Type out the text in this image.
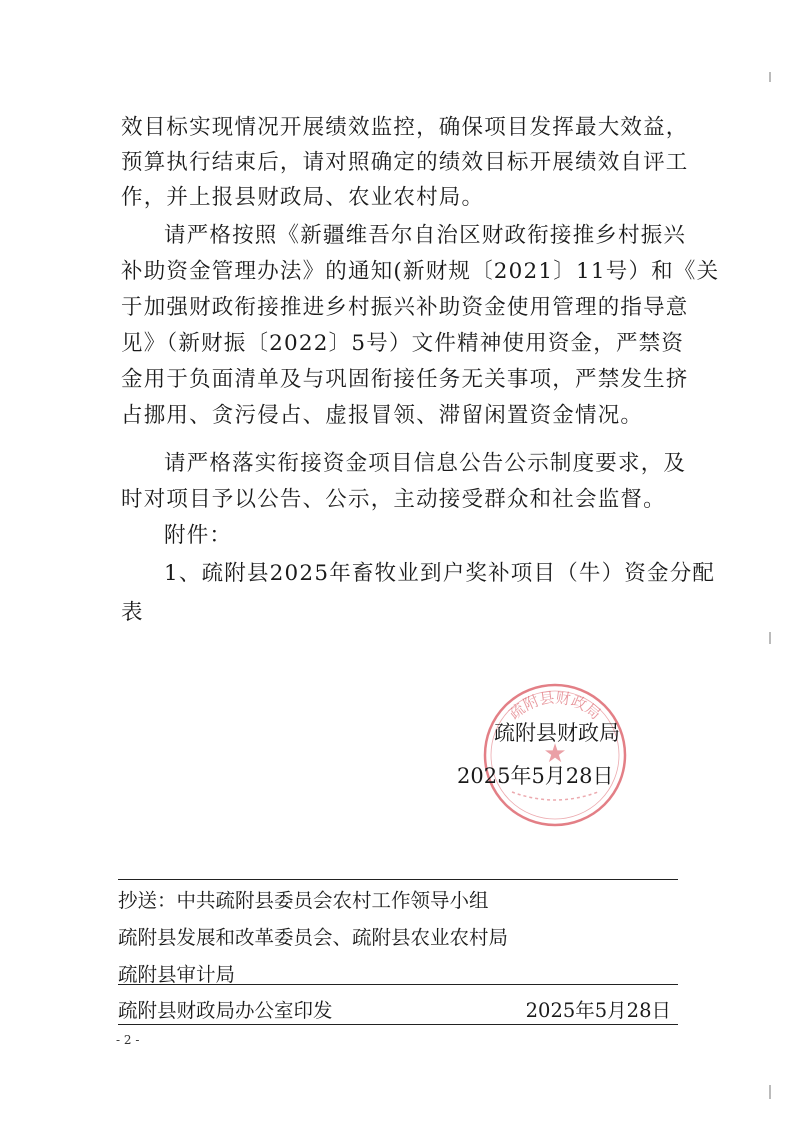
效目标实现情况开展绩效监控，确保项目发挥最大效益，
预算执行结束后，请对照确定的绩效目标开展绩效自评工
作，并上报县财政局、农业农村局。
请严格按照《新疆维吾尔自治区财政衔接推乡村振兴
补助资金管理办法》的通知(新财规〔2021〕11号）和《关
于加强财政衔接推进乡村振兴补助资金使用管理的指导意
见》（新财振〔2022〕5号）文件精神使用资金，严禁资
金用于负面清单及与巩固衔接任务无关事项，严禁发生挤
占挪用、贪污侵占、虚报冒领、滞留闲置资金情况。
请严格落实衔接资金项目信息公告公示制度要求，及
时对项目予以公告、公示，主动接受群众和社会监督。
附件：
1、疏附县2025年畜牧业到户奖补项目（牛）资金分配
表
疏附县财政局
★
疏附县财政局
2025年5月28日
抄送：中共疏附县委员会农村工作领导小组
疏附县发展和改革委员会、疏附县农业农村局
疏附县审计局
疏附县财政局办公室印发	2025年5月28日
- 2 -
